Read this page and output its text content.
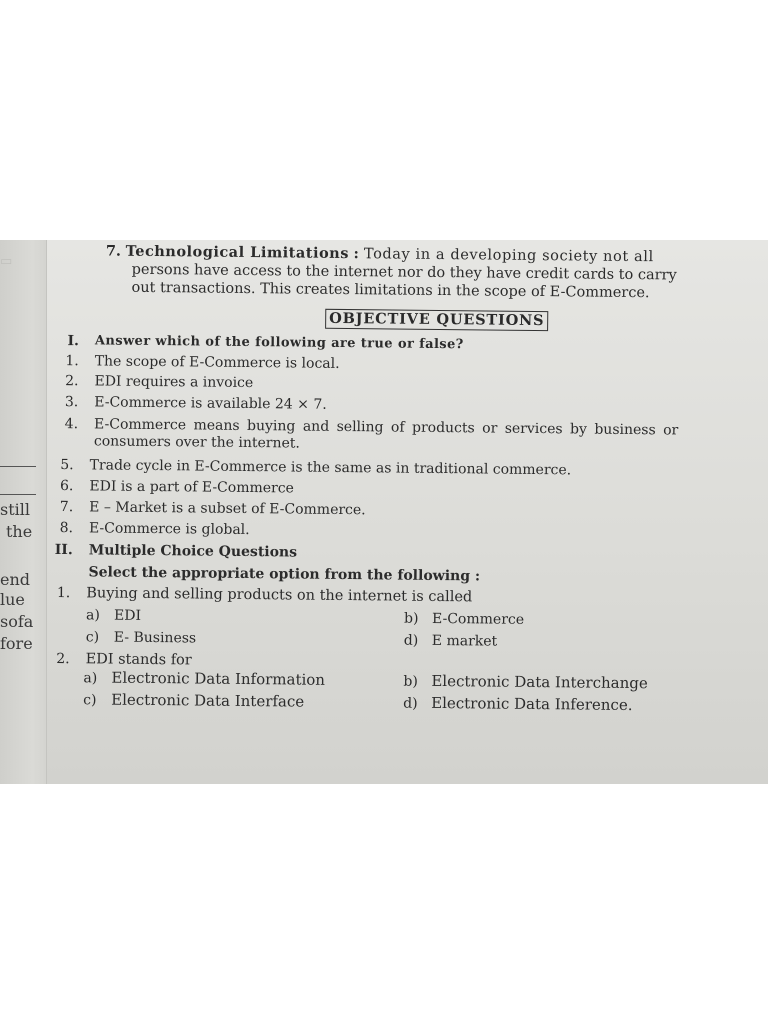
▭
still
the
end
lue
sofa
fore
7. Technological Limitations : Today in a developing society not all
persons have access to the internet nor do they have credit cards to carry
out transactions. This creates limitations in the scope of E-Commerce.
OBJECTIVE QUESTIONS
I. Answer which of the following are true or false?
1. The scope of E-Commerce is local.
2. EDI requires a invoice
3. E-Commerce is available 24 × 7.
4. E-Commerce means buying and selling of products or services by business or
consumers over the internet.
5. Trade cycle in E-Commerce is the same as in traditional commerce.
6. EDI is a part of E-Commerce
7. E – Market is a subset of E-Commerce.
8. E-Commerce is global.
II. Multiple Choice Questions
Select the appropriate option from the following :
1. Buying and selling products on the internet is called
a) EDI	b) E-Commerce
c) E- Business	d) E market
2. EDI stands for
a) Electronic Data Information	b) Electronic Data Interchange
c) Electronic Data Interface	d) Electronic Data Inference.
